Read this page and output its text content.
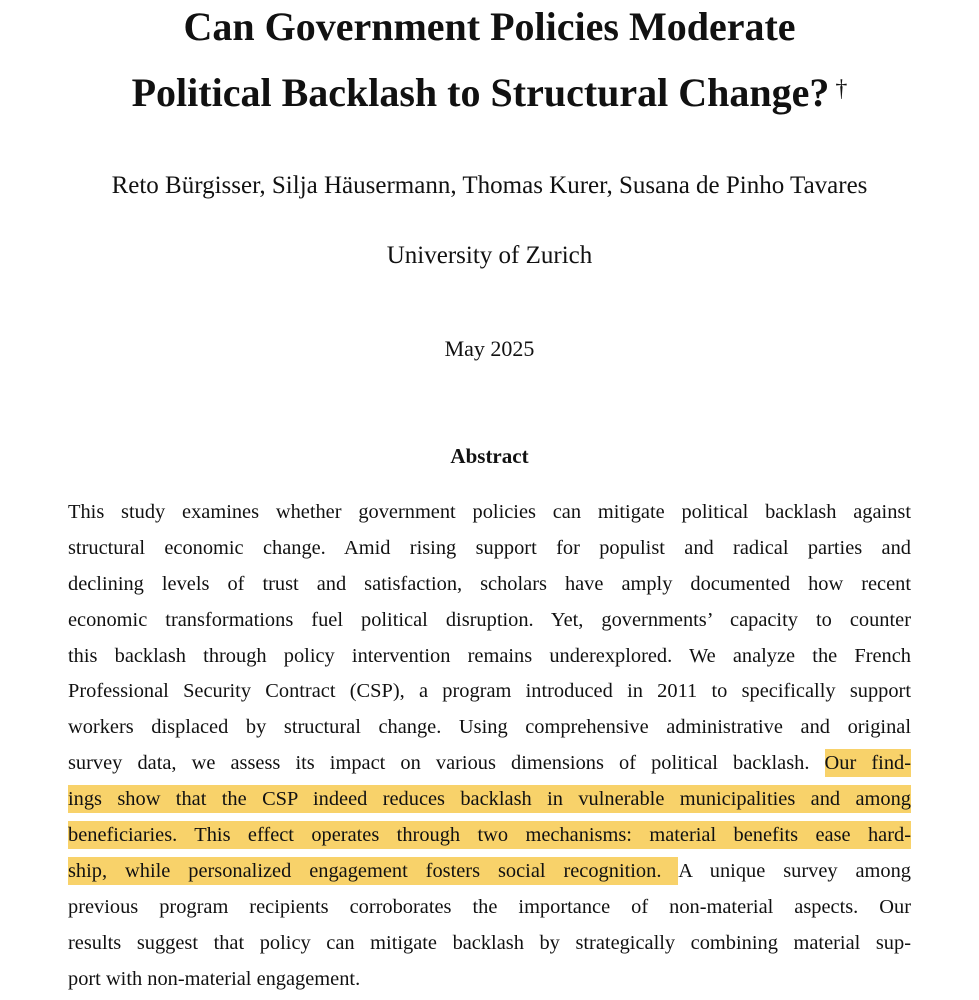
Can Government Policies Moderate
Political Backlash to Structural Change? †
Reto Bürgisser, Silja Häusermann, Thomas Kurer, Susana de Pinho Tavares
University of Zurich
May 2025
Abstract
This study examines whether government policies can mitigate political backlash against
structural economic change. Amid rising support for populist and radical parties and
declining levels of trust and satisfaction, scholars have amply documented how recent
economic transformations fuel political disruption. Yet, governments’ capacity to counter
this backlash through policy intervention remains underexplored. We analyze the French
Professional Security Contract (CSP), a program introduced in 2011 to specifically support
workers displaced by structural change. Using comprehensive administrative and original
survey data, we assess its impact on various dimensions of political backlash. Our find-
ings show that the CSP indeed reduces backlash in vulnerable municipalities and among
beneficiaries. This effect operates through two mechanisms: material benefits ease hard-
ship, while personalized engagement fosters social recognition. A unique survey among
previous program recipients corroborates the importance of non-material aspects. Our
results suggest that policy can mitigate backlash by strategically combining material sup-
port with non-material engagement.
